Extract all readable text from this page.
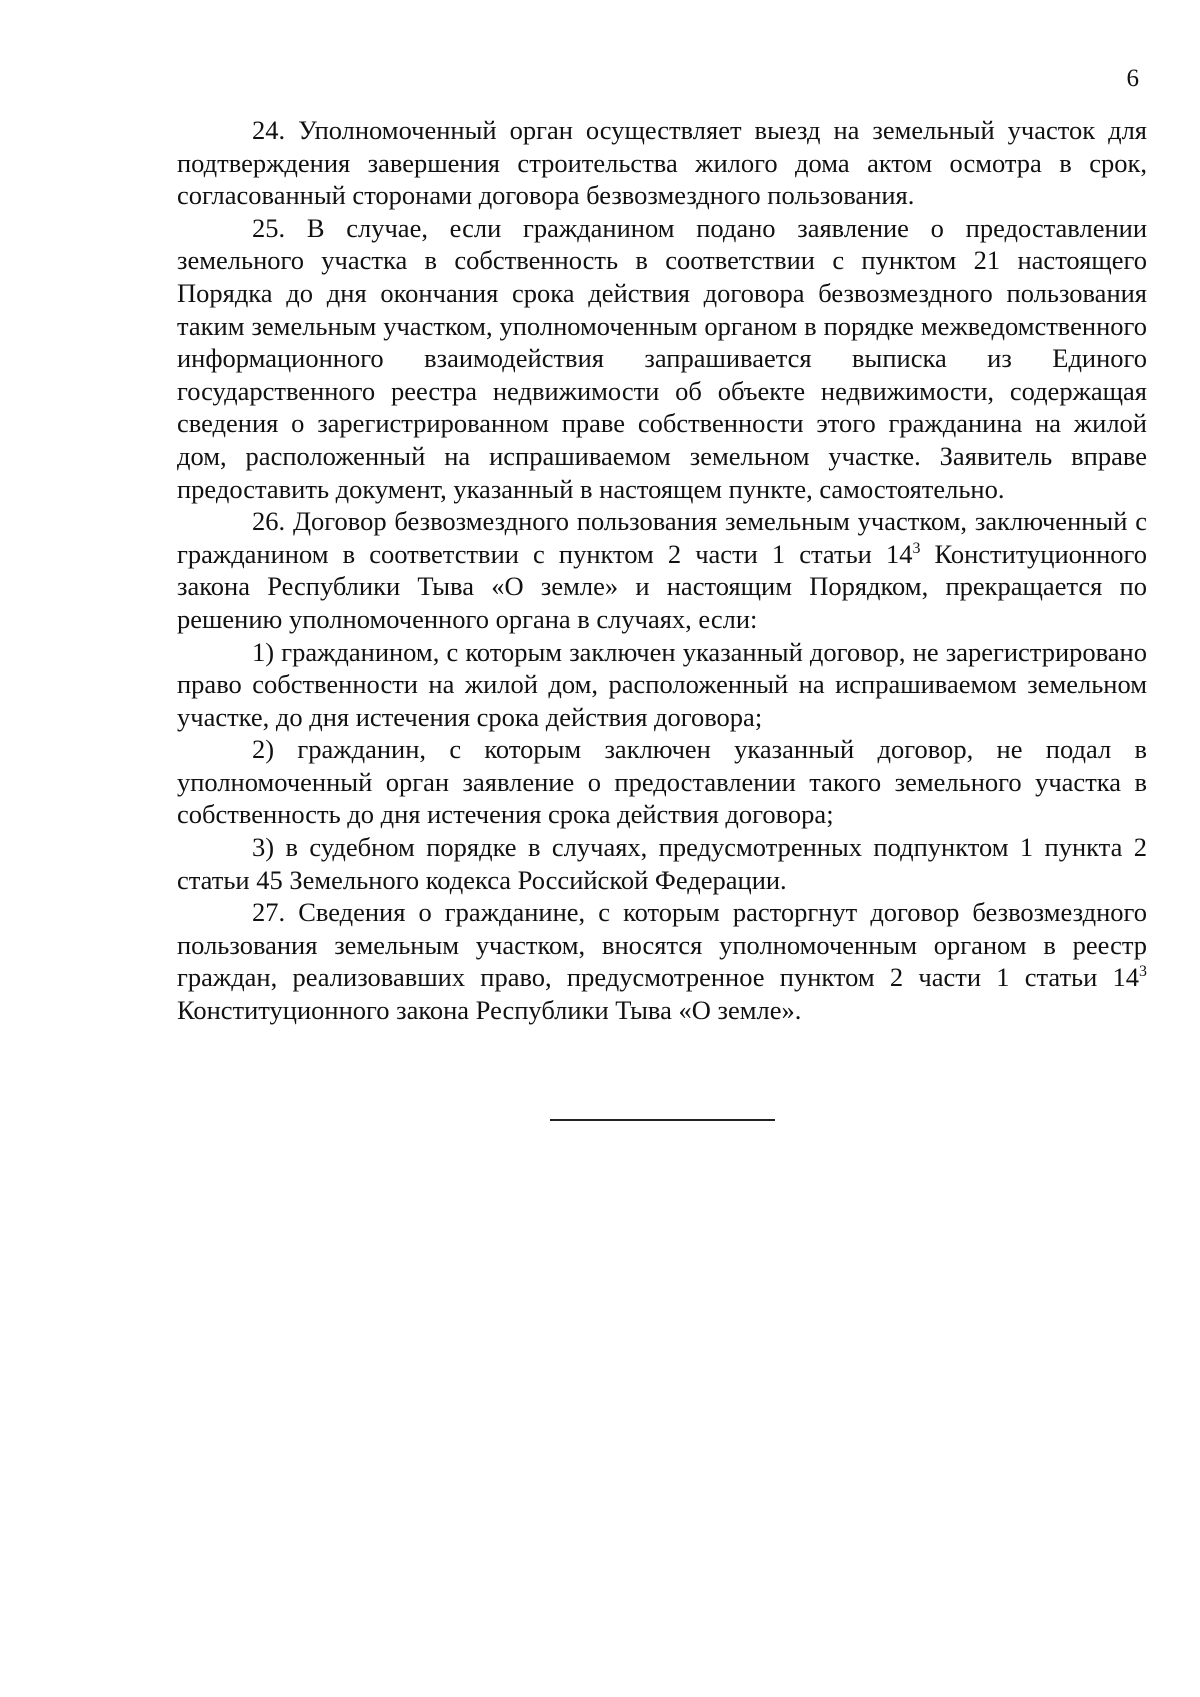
6

24. Уполномоченный орган осуществляет выезд на земельный участок для подтверждения завершения строительства жилого дома актом осмотра в срок, согласованный сторонами договора безвозмездного пользования.

25. В случае, если гражданином подано заявление о предоставлении земельного участка в собственность в соответствии с пунктом 21 настоящего Порядка до дня окончания срока действия договора безвозмездного пользования таким земельным участком, уполномоченным органом в порядке межведомственного информационного взаимодействия запрашивается выписка из Единого государственного реестра недвижимости об объекте недвижимости, содержащая сведения о зарегистрированном праве собственности этого гражданина на жилой дом, расположенный на испрашиваемом земельном участке. Заявитель вправе предоставить документ, указанный в настоящем пункте, самостоятельно.

26. Договор безвозмездного пользования земельным участком, заключенный с гражданином в соответствии с пунктом 2 части 1 статьи $14^3$ Конституционного закона Республики Тыва «О земле» и настоящим Порядком, прекращается по решению уполномоченного органа в случаях, если:

1) гражданином, с которым заключен указанный договор, не зарегистрировано право собственности на жилой дом, расположенный на испрашиваемом земельном участке, до дня истечения срока действия договора;

2) гражданин, с которым заключен указанный договор, не подал в уполномоченный орган заявление о предоставлении такого земельного участка в собственность до дня истечения срока действия договора;

3) в судебном порядке в случаях, предусмотренных подпунктом 1 пункта 2 статьи 45 Земельного кодекса Российской Федерации.

27. Сведения о гражданине, с которым расторгнут договор безвозмездного пользования земельным участком, вносятся уполномоченным органом в реестр граждан, реализовавших право, предусмотренное пунктом 2 части 1 статьи $14^3$ Конституционного закона Республики Тыва «О земле».
